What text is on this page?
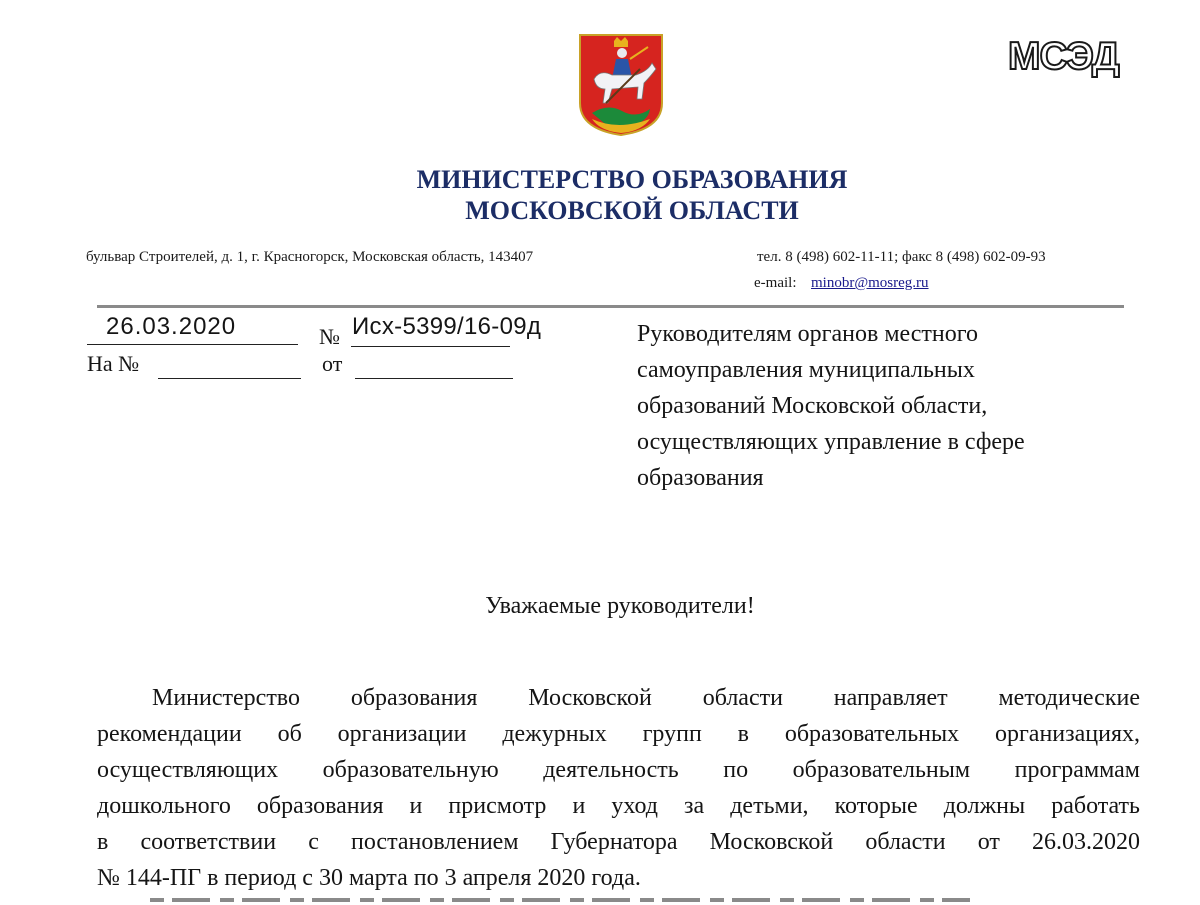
МСЭД
МИНИСТЕРСТВО ОБРАЗОВАНИЯ
МОСКОВСКОЙ ОБЛАСТИ
бульвар Строителей, д. 1, г. Красногорск, Московская область, 143407	тел. 8 (498) 602-11-11; факс 8 (498) 602-09-93
e-mail: minobr@mosreg.ru
26.03.2020	№ Исх-5399/16-09д
На №	от
Руководителям органов местного
самоуправления муниципальных
образований Московской области,
осуществляющих управление в сфере
образования
Уважаемые руководители!
Министерство образования Московской области направляет методические
рекомендации об организации дежурных групп в образовательных организациях,
осуществляющих образовательную деятельность по образовательным программам
дошкольного образования и присмотр и уход за детьми, которые должны работать
в соответствии с постановлением Губернатора Московской области от 26.03.2020
№ 144-ПГ в период с 30 марта по 3 апреля 2020 года.
